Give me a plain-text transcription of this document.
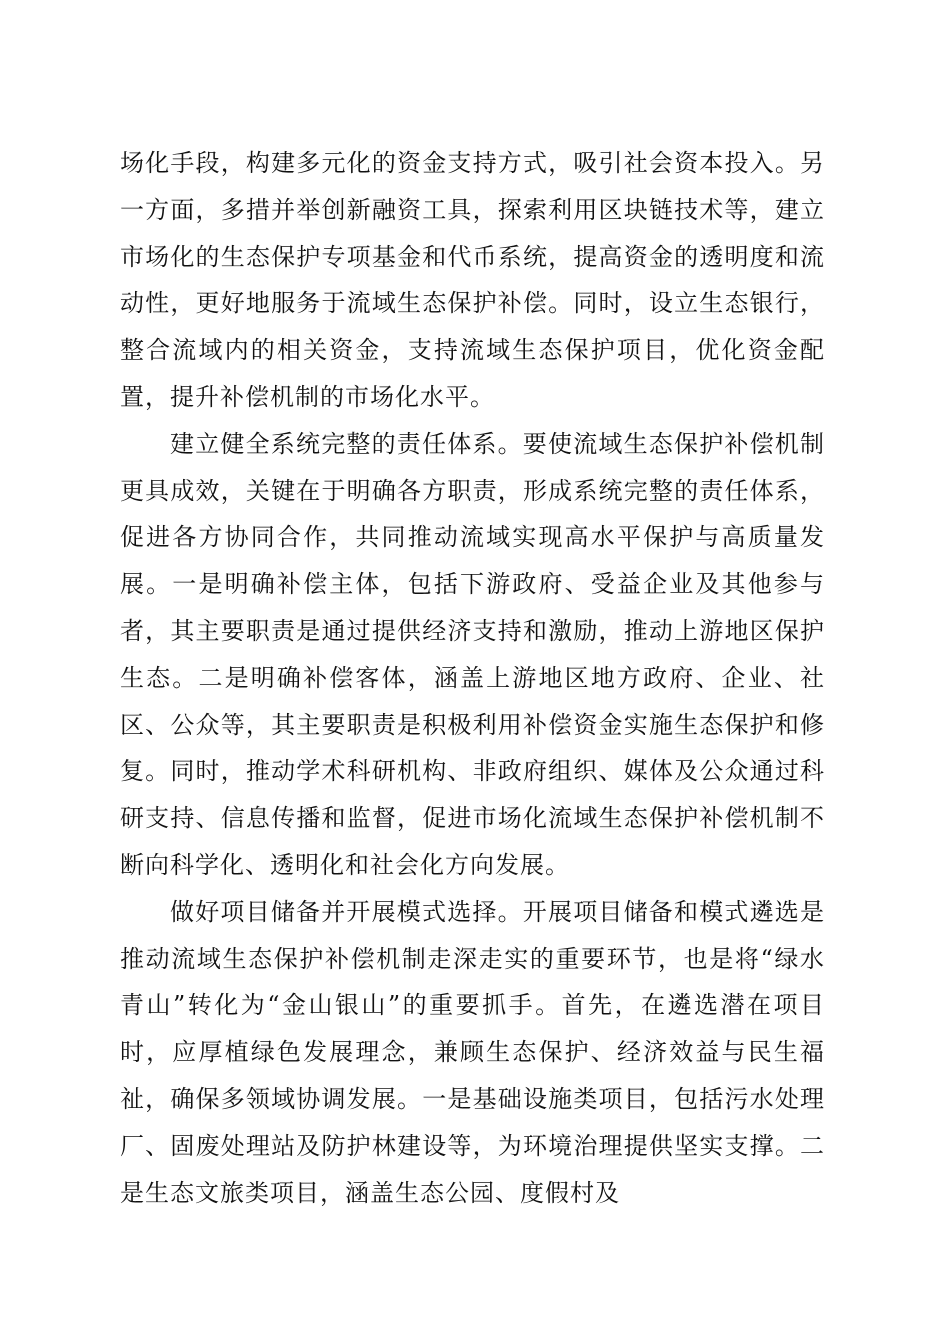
场化手段，构建多元化的资金支持方式，吸引社会资本投入。另一方面，多措并举创新融资工具，探索利用区块链技术等，建立市场化的生态保护专项基金和代币系统，提高资金的透明度和流动性，更好地服务于流域生态保护补偿。同时，设立生态银行，整合流域内的相关资金，支持流域生态保护项目，优化资金配置，提升补偿机制的市场化水平。

建立健全系统完整的责任体系。要使流域生态保护补偿机制更具成效，关键在于明确各方职责，形成系统完整的责任体系，促进各方协同合作，共同推动流域实现高水平保护与高质量发展。一是明确补偿主体，包括下游政府、受益企业及其他参与者，其主要职责是通过提供经济支持和激励，推动上游地区保护生态。二是明确补偿客体，涵盖上游地区地方政府、企业、社区、公众等，其主要职责是积极利用补偿资金实施生态保护和修复。同时，推动学术科研机构、非政府组织、媒体及公众通过科研支持、信息传播和监督，促进市场化流域生态保护补偿机制不断向科学化、透明化和社会化方向发展。

做好项目储备并开展模式选择。开展项目储备和模式遴选是推动流域生态保护补偿机制走深走实的重要环节，也是将“绿水青山”转化为“金山银山”的重要抓手。首先，在遴选潜在项目时，应厚植绿色发展理念，兼顾生态保护、经济效益与民生福祉，确保多领域协调发展。一是基础设施类项目，包括污水处理厂、固废处理站及防护林建设等，为环境治理提供坚实支撑。二是生态文旅类项目，涵盖生态公园、度假村及
